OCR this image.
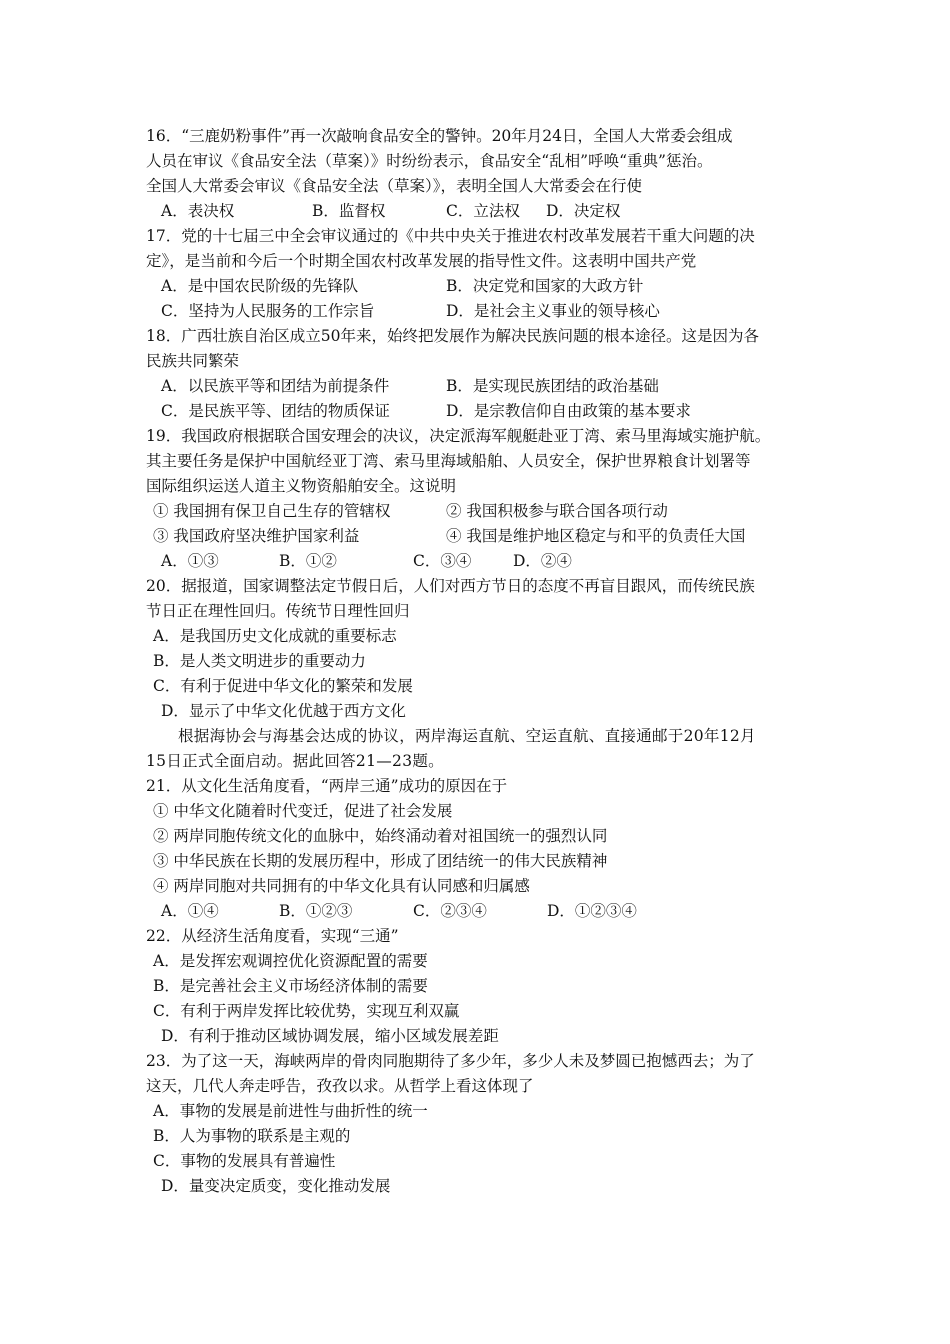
16．“三鹿奶粉事件”再一次敲响食品安全的警钟。20年月24日，全国人大常委会组成
人员在审议《食品安全法（草案）》时纷纷表示，食品安全“乱相”呼唤“重典”惩治。
全国人大常委会审议《食品安全法（草案）》，表明全国人大常委会在行使
A．表决权	B．监督权	C．立法权 D．决定权
17．党的十七届三中全会审议通过的《中共中央关于推进农村改革发展若干重大问题的决
定》，是当前和今后一个时期全国农村改革发展的指导性文件。这表明中国共产党
A．是中国农民阶级的先锋队	B．决定党和国家的大政方针
C．坚持为人民服务的工作宗旨	D．是社会主义事业的领导核心
18．广西壮族自治区成立50年来，始终把发展作为解决民族问题的根本途径。这是因为各
民族共同繁荣
A．以民族平等和团结为前提条件	B．是实现民族团结的政治基础
C．是民族平等、团结的物质保证	D．是宗教信仰自由政策的基本要求
19．我国政府根据联合国安理会的决议，决定派海军舰艇赴亚丁湾、索马里海域实施护航。
其主要任务是保护中国航经亚丁湾、索马里海域船舶、人员安全，保护世界粮食计划署等
国际组织运送人道主义物资船舶安全。这说明
① 我国拥有保卫自己生存的管辖权	② 我国积极参与联合国各项行动
③ 我国政府坚决维护国家利益	④ 我国是维护地区稳定与和平的负责任大国
A．①③	B．①②	C．③④	D．②④
20．据报道，国家调整法定节假日后，人们对西方节日的态度不再盲目跟风，而传统民族
节日正在理性回归。传统节日理性回归
A．是我国历史文化成就的重要标志
B．是人类文明进步的重要动力
C．有利于促进中华文化的繁荣和发展
D．显示了中华文化优越于西方文化
根据海协会与海基会达成的协议，两岸海运直航、空运直航、直接通邮于20年12月
15日正式全面启动。据此回答21—23题。
21．从文化生活角度看，“两岸三通”成功的原因在于
① 中华文化随着时代变迁，促进了社会发展
② 两岸同胞传统文化的血脉中，始终涌动着对祖国统一的强烈认同
③ 中华民族在长期的发展历程中，形成了团结统一的伟大民族精神
④ 两岸同胞对共同拥有的中华文化具有认同感和归属感
A．①④	B．①②③	C．②③④	D．①②③④
22．从经济生活角度看，实现“三通”
A．是发挥宏观调控优化资源配置的需要
B．是完善社会主义市场经济体制的需要
C．有利于两岸发挥比较优势，实现互利双赢
D．有利于推动区域协调发展，缩小区域发展差距
23．为了这一天，海峡两岸的骨肉同胞期待了多少年，多少人未及梦圆已抱憾西去；为了
这天，几代人奔走呼告，孜孜以求。从哲学上看这体现了
A．事物的发展是前进性与曲折性的统一
B．人为事物的联系是主观的
C．事物的发展具有普遍性
D．量变决定质变，变化推动发展
